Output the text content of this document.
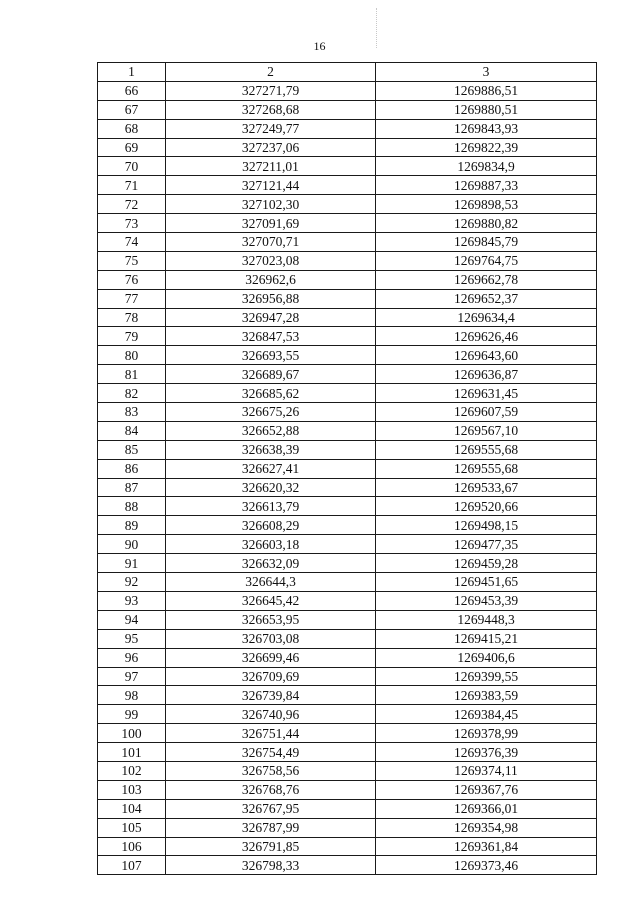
16
1	2	3
66	327271,79	1269886,51
67	327268,68	1269880,51
68	327249,77	1269843,93
69	327237,06	1269822,39
70	327211,01	1269834,9
71	327121,44	1269887,33
72	327102,30	1269898,53
73	327091,69	1269880,82
74	327070,71	1269845,79
75	327023,08	1269764,75
76	326962,6	1269662,78
77	326956,88	1269652,37
78	326947,28	1269634,4
79	326847,53	1269626,46
80	326693,55	1269643,60
81	326689,67	1269636,87
82	326685,62	1269631,45
83	326675,26	1269607,59
84	326652,88	1269567,10
85	326638,39	1269555,68
86	326627,41	1269555,68
87	326620,32	1269533,67
88	326613,79	1269520,66
89	326608,29	1269498,15
90	326603,18	1269477,35
91	326632,09	1269459,28
92	326644,3	1269451,65
93	326645,42	1269453,39
94	326653,95	1269448,3
95	326703,08	1269415,21
96	326699,46	1269406,6
97	326709,69	1269399,55
98	326739,84	1269383,59
99	326740,96	1269384,45
100	326751,44	1269378,99
101	326754,49	1269376,39
102	326758,56	1269374,11
103	326768,76	1269367,76
104	326767,95	1269366,01
105	326787,99	1269354,98
106	326791,85	1269361,84
107	326798,33	1269373,46
